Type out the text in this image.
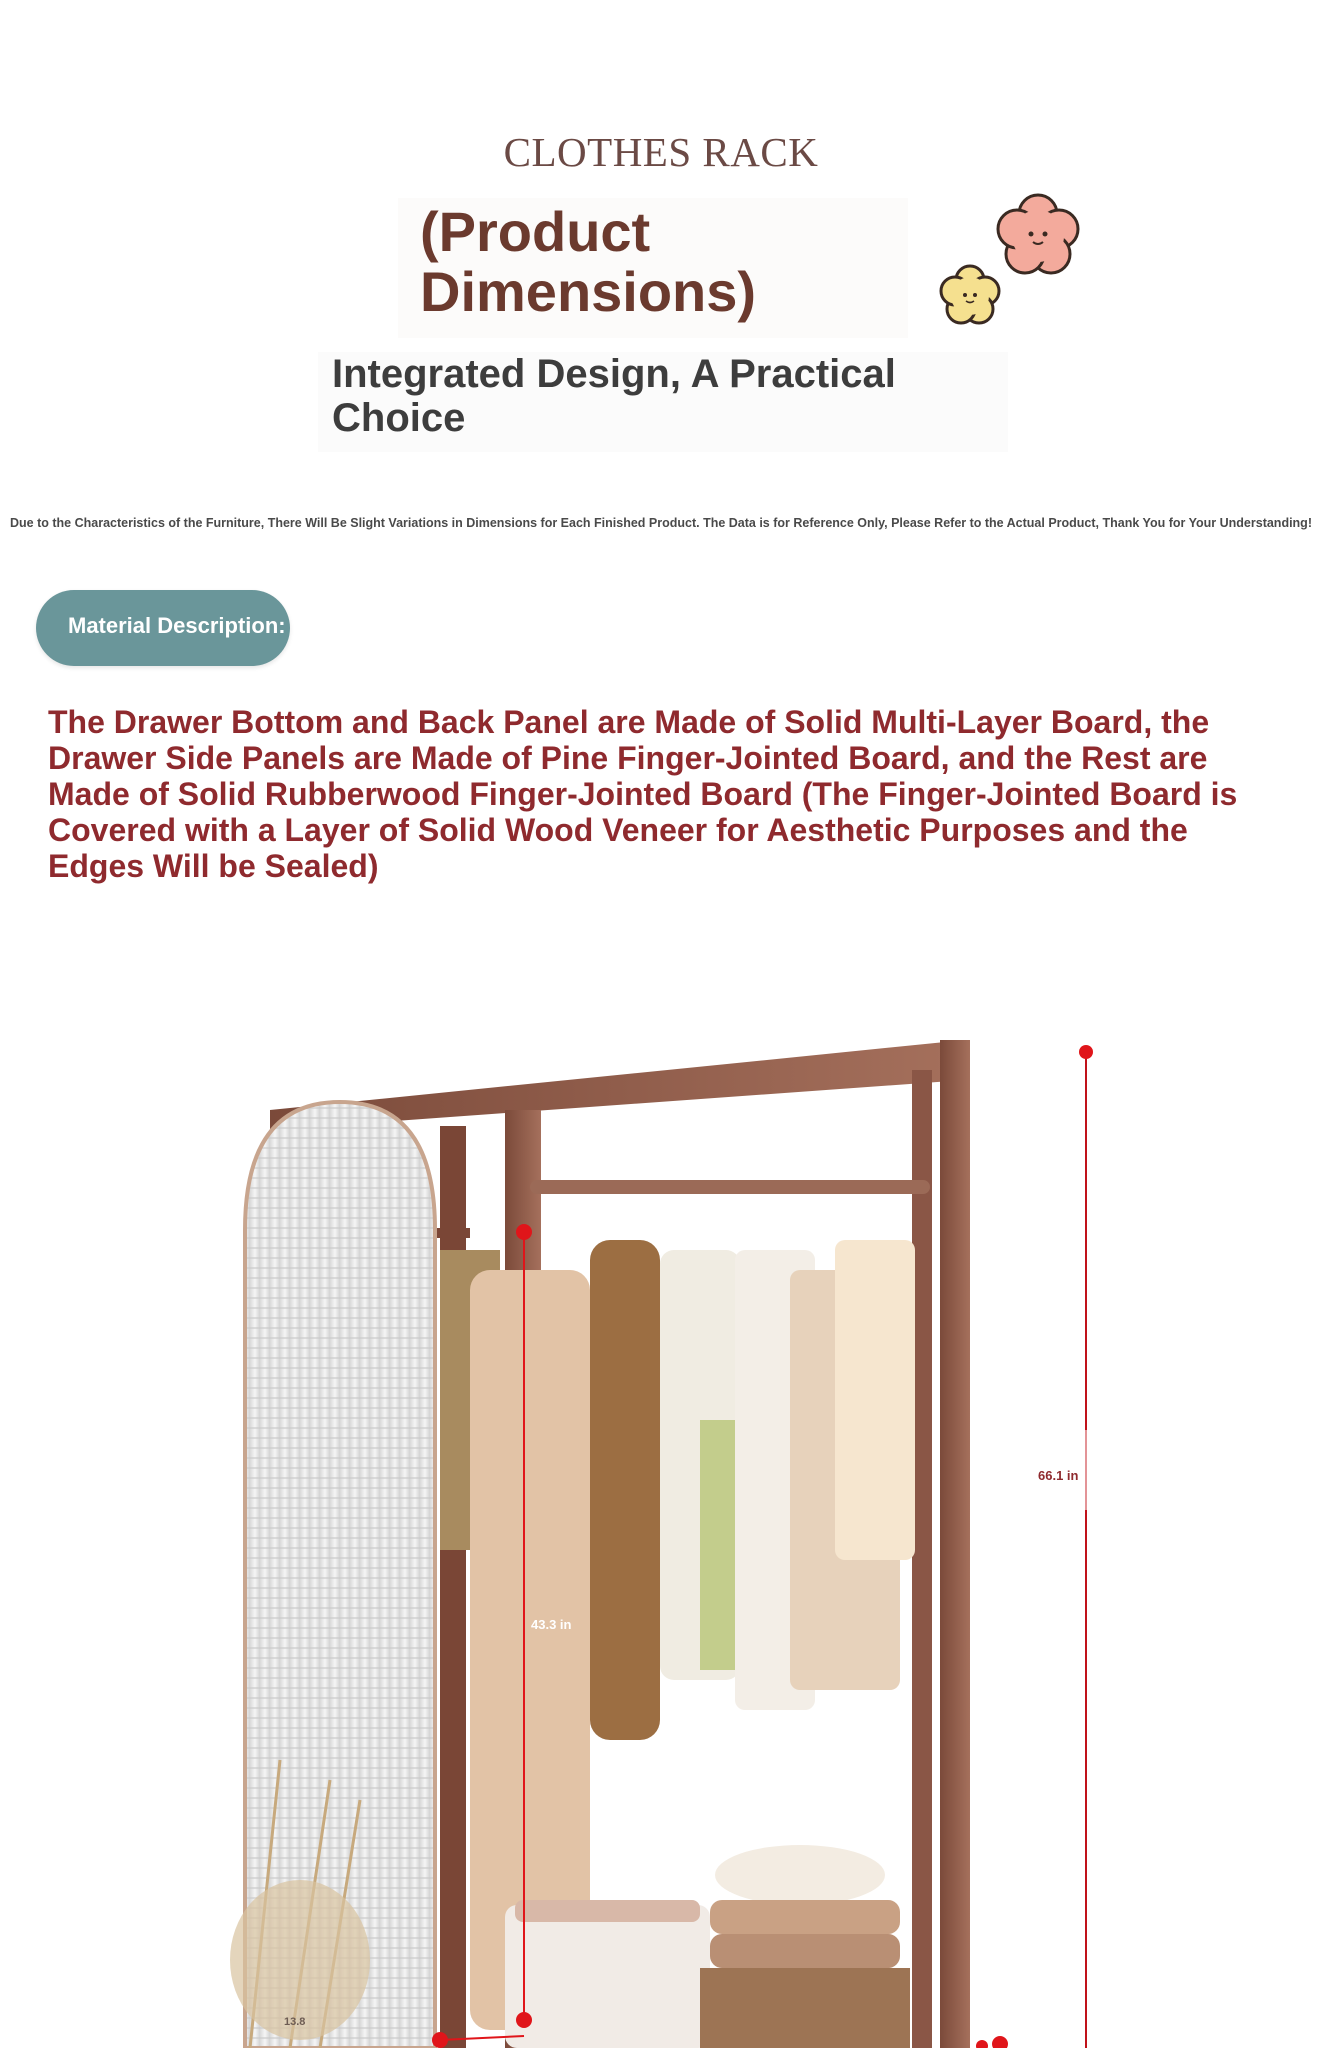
CLOTHES RACK
(Product Dimensions)
Integrated Design, A Practical Choice
Due to the Characteristics of the Furniture, There Will Be Slight Variations in Dimensions for Each Finished Product. The Data is for Reference Only, Please Refer to the Actual Product, Thank You for Your Understanding!
Material Description:
The Drawer Bottom and Back Panel are Made of Solid Multi-Layer Board, the Drawer Side Panels are Made of Pine Finger-Jointed Board, and the Rest are Made of Solid Rubberwood Finger-Jointed Board (The Finger-Jointed Board is Covered with a Layer of Solid Wood Veneer for Aesthetic Purposes and the Edges Will be Sealed)
66.1 in
43.3 in
13.8
